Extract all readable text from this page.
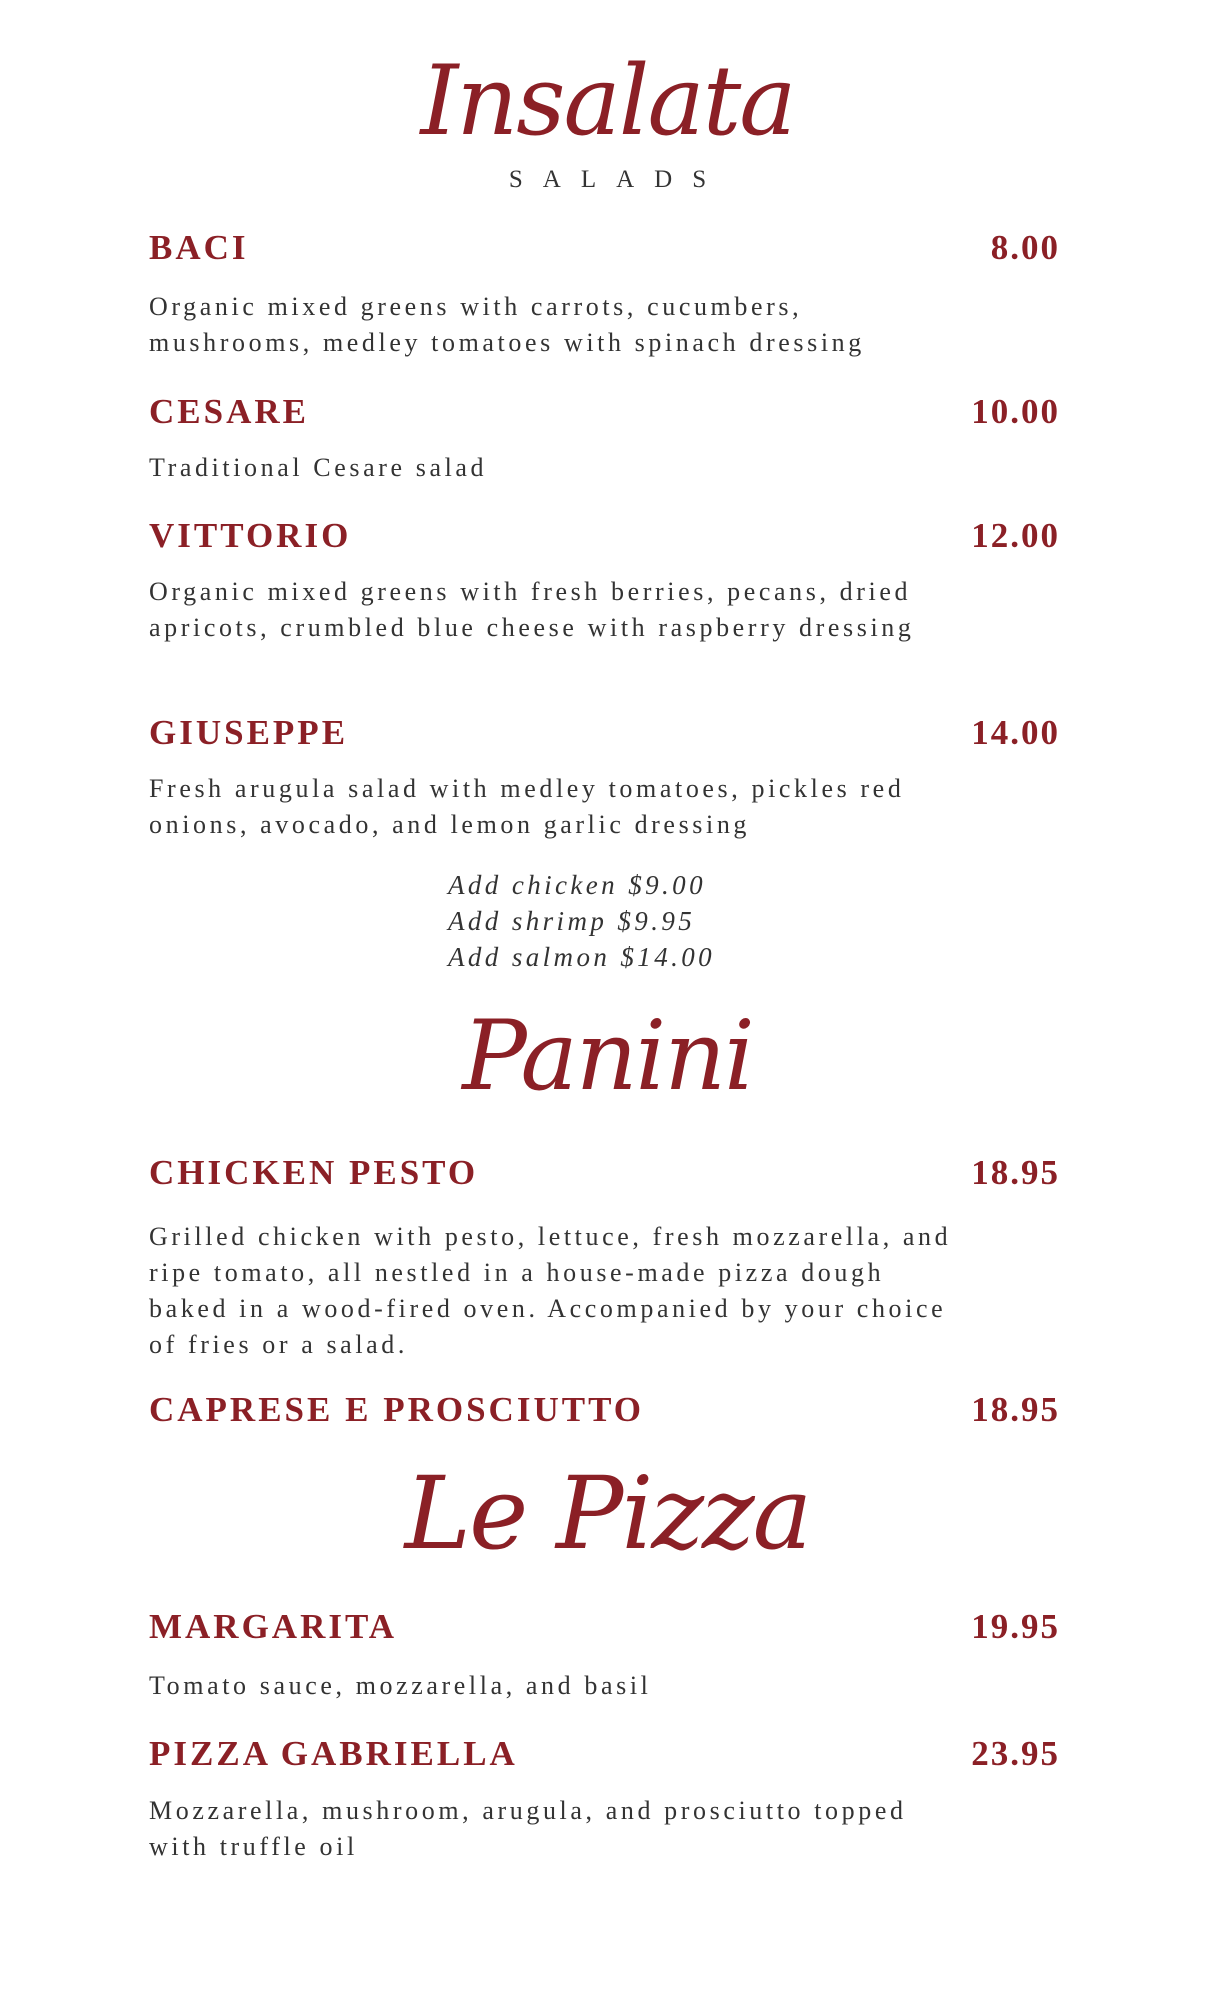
Insalata
SALADS
BACI	8.00

Organic mixed greens with carrots, cucumbers, mushrooms, medley tomatoes with spinach dressing

CESARE	10.00

Traditional Cesare salad

VITTORIO	12.00

Organic mixed greens with fresh berries, pecans, dried apricots, crumbled blue cheese with raspberry dressing

GIUSEPPE	14.00

Fresh arugula salad with medley tomatoes, pickles red onions, avocado, and lemon garlic dressing

Add chicken $9.00
Add shrimp $9.95
Add salmon $14.00
Panini
CHICKEN PESTO	18.95

Grilled chicken with pesto, lettuce, fresh mozzarella, and ripe tomato, all nestled in a house-made pizza dough baked in a wood-fired oven. Accompanied by your choice of fries or a salad.

CAPRESE E PROSCIUTTO	18.95
Le Pizza
MARGARITA	19.95

Tomato sauce, mozzarella, and basil

PIZZA GABRIELLA	23.95

Mozzarella, mushroom, arugula, and prosciutto topped with truffle oil
